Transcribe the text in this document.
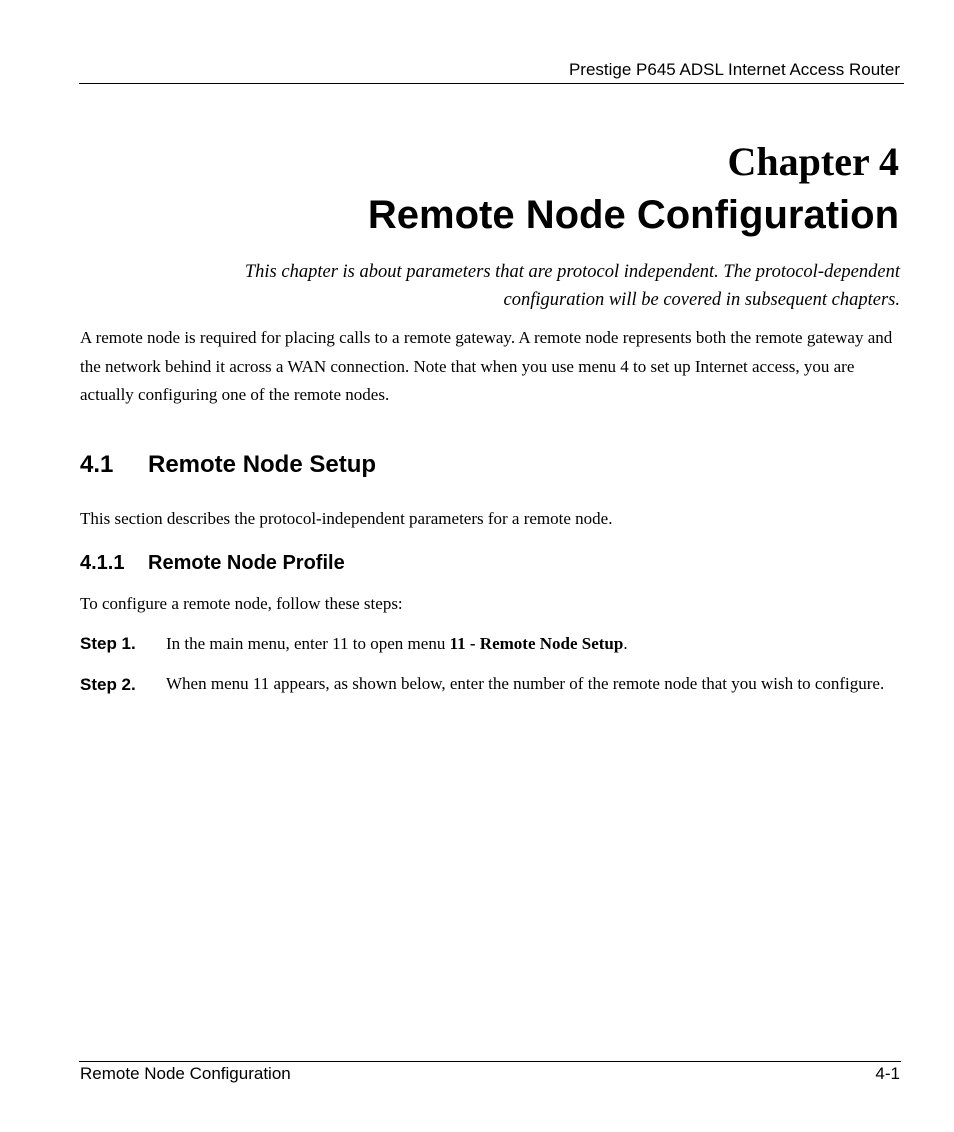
Prestige P645 ADSL Internet Access Router
Chapter 4
Remote Node Configuration
This chapter is about parameters that are protocol independent. The protocol-dependent
configuration will be covered in subsequent chapters.
A remote node is required for placing calls to a remote gateway. A remote node represents both the remote gateway and the network behind it across a WAN connection. Note that when you use menu 4 to set up Internet access, you are actually configuring one of the remote nodes.
4.1 Remote Node Setup
This section describes the protocol-independent parameters for a remote node.
4.1.1 Remote Node Profile
To configure a remote node, follow these steps:
Step 1. In the main menu, enter 11 to open menu 11 - Remote Node Setup.
Step 2. When menu 11 appears, as shown below, enter the number of the remote node that you wish to configure.
Remote Node Configuration	4-1
